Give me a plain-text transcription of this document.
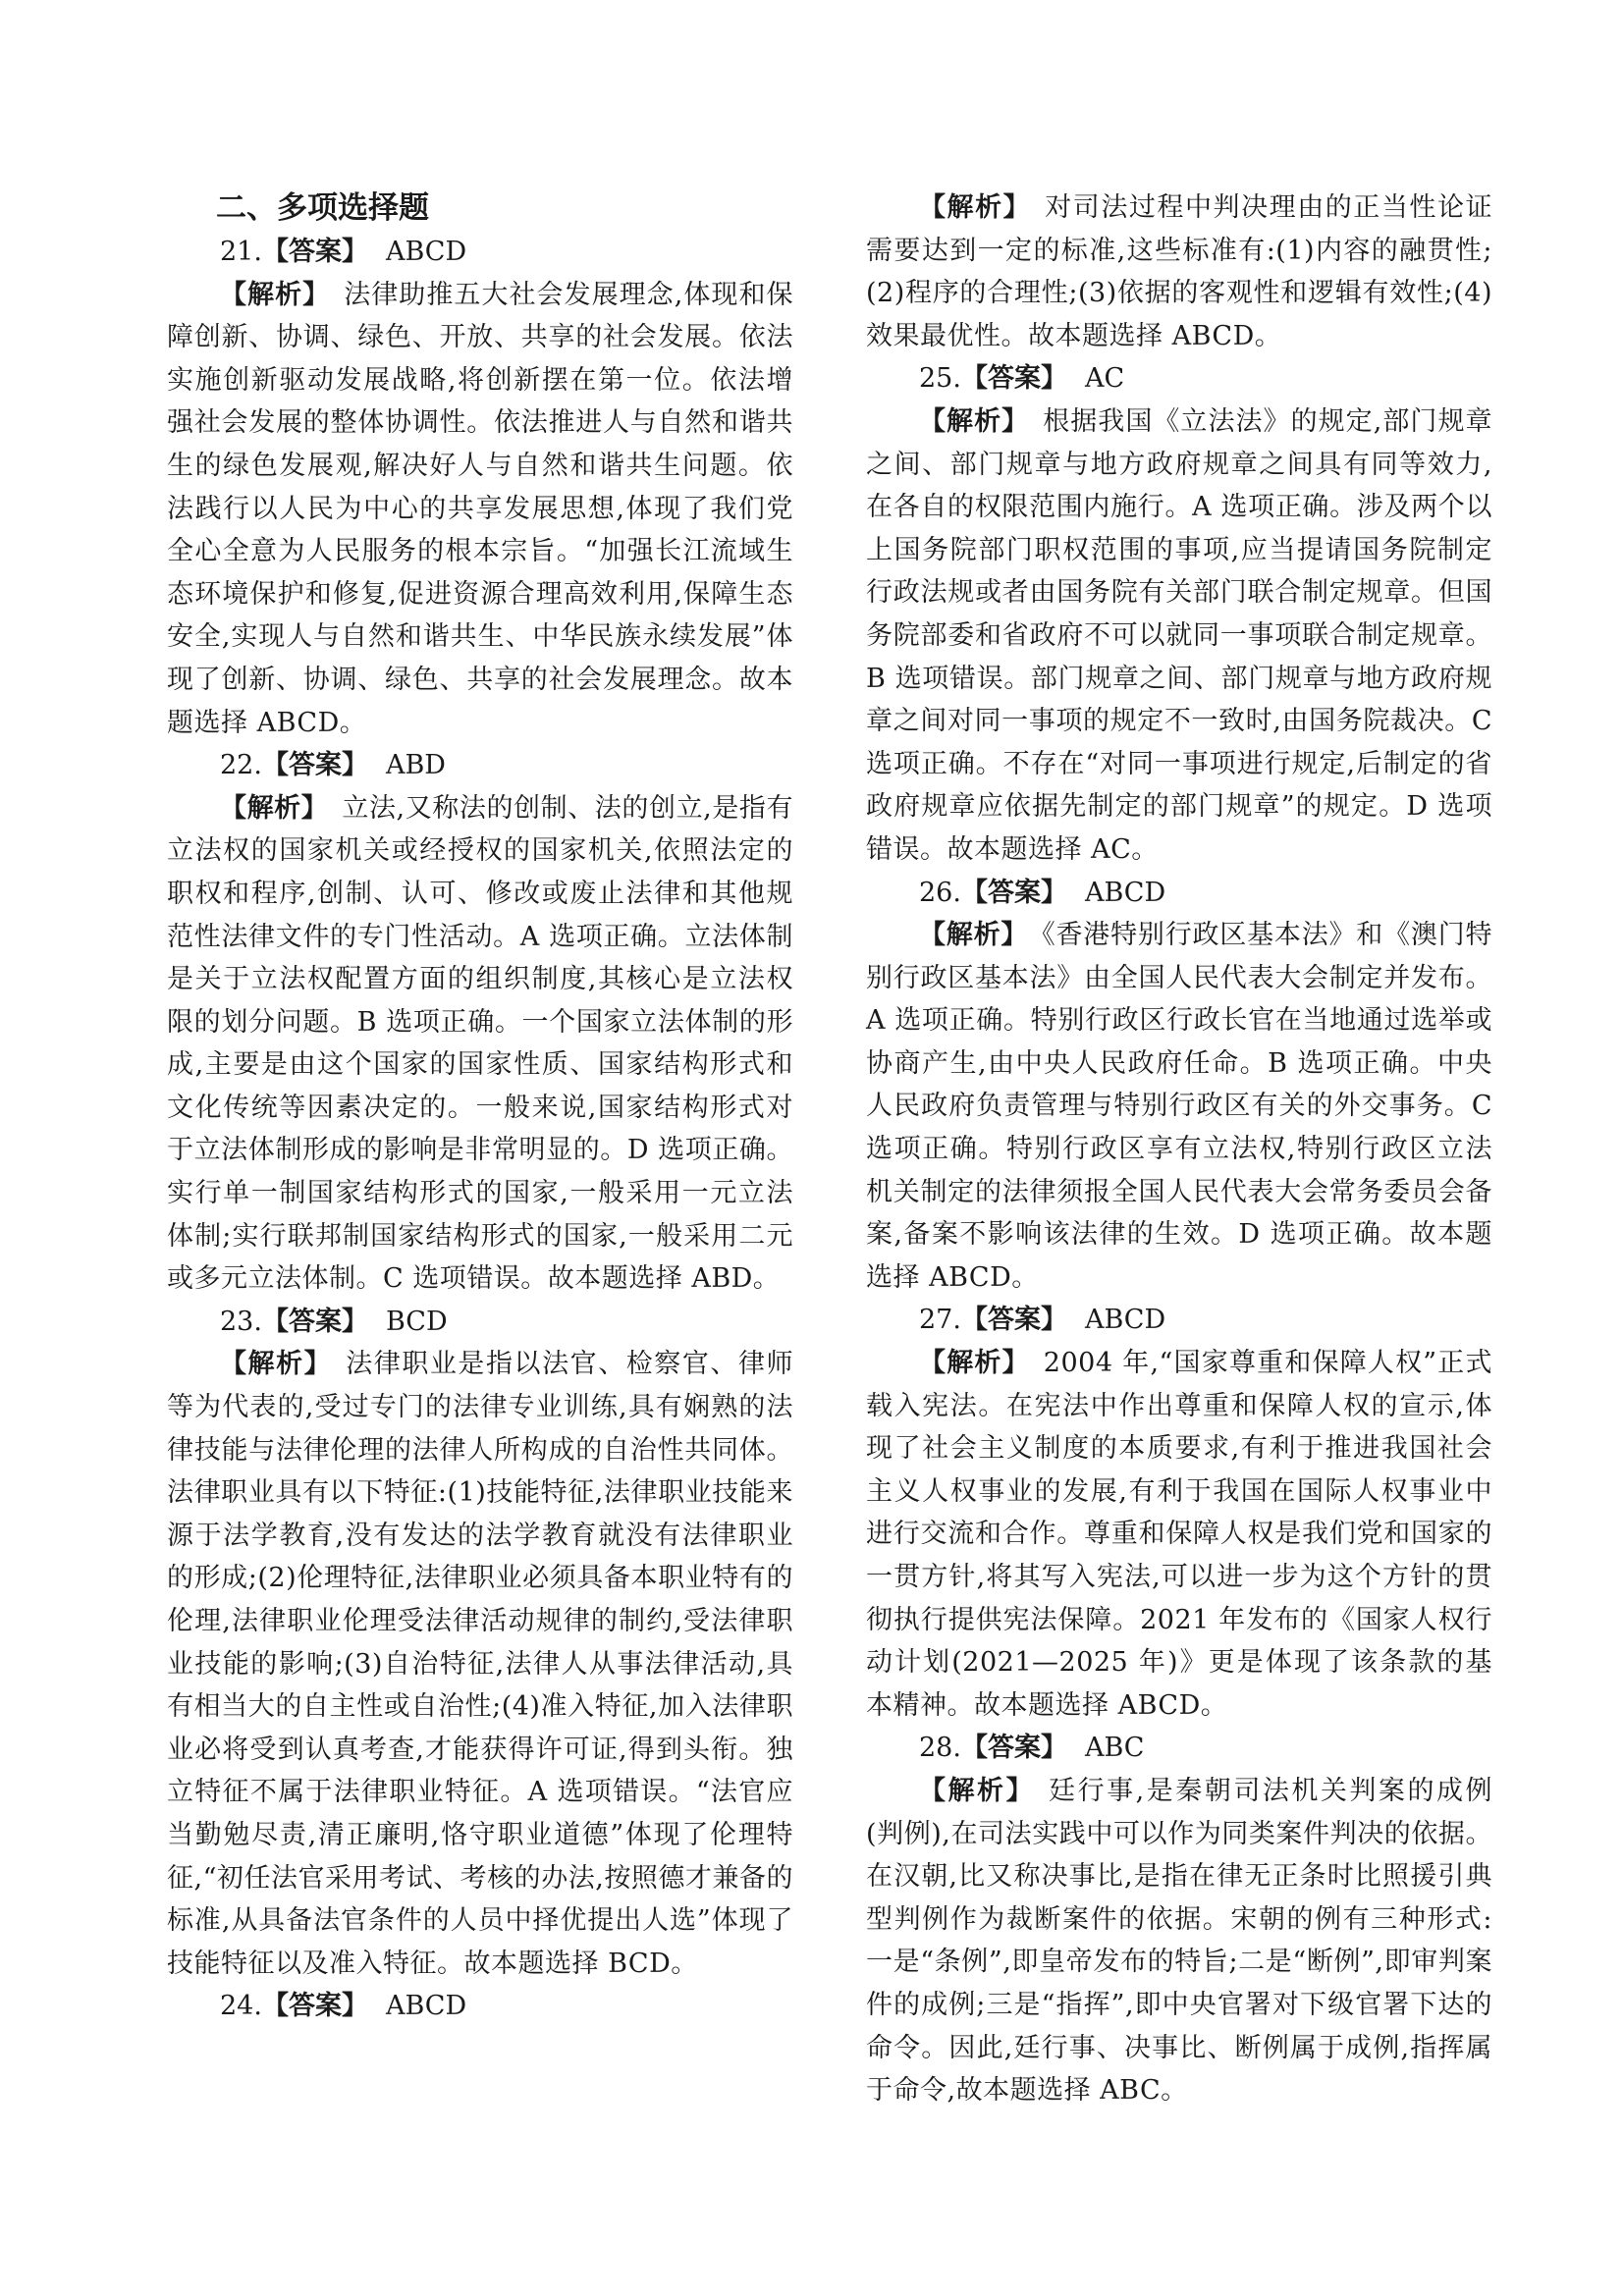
二、多项选择题
21.【答案】 ABCD

【解析】 法律助推五大社会发展理念,体现和保障创新、协调、绿色、开放、共享的社会发展。依法实施创新驱动发展战略,将创新摆在第一位。依法增强社会发展的整体协调性。依法推进人与自然和谐共生的绿色发展观,解决好人与自然和谐共生问题。依法践行以人民为中心的共享发展思想,体现了我们党全心全意为人民服务的根本宗旨。“加强长江流域生态环境保护和修复,促进资源合理高效利用,保障生态安全,实现人与自然和谐共生、中华民族永续发展”体现了创新、协调、绿色、共享的社会发展理念。故本题选择 ABCD。

22.【答案】 ABD

【解析】 立法,又称法的创制、法的创立,是指有立法权的国家机关或经授权的国家机关,依照法定的职权和程序,创制、认可、修改或废止法律和其他规范性法律文件的专门性活动。A 选项正确。立法体制是关于立法权配置方面的组织制度,其核心是立法权限的划分问题。B 选项正确。一个国家立法体制的形成,主要是由这个国家的国家性质、国家结构形式和文化传统等因素决定的。一般来说,国家结构形式对于立法体制形成的影响是非常明显的。D 选项正确。实行单一制国家结构形式的国家,一般采用一元立法体制;实行联邦制国家结构形式的国家,一般采用二元或多元立法体制。C 选项错误。故本题选择 ABD。

23.【答案】 BCD

【解析】 法律职业是指以法官、检察官、律师等为代表的,受过专门的法律专业训练,具有娴熟的法律技能与法律伦理的法律人所构成的自治性共同体。法律职业具有以下特征:(1)技能特征,法律职业技能来源于法学教育,没有发达的法学教育就没有法律职业的形成;(2)伦理特征,法律职业必须具备本职业特有的伦理,法律职业伦理受法律活动规律的制约,受法律职业技能的影响;(3)自治特征,法律人从事法律活动,具有相当大的自主性或自治性;(4)准入特征,加入法律职业必将受到认真考查,才能获得许可证,得到头衔。独立特征不属于法律职业特征。A 选项错误。“法官应当勤勉尽责,清正廉明,恪守职业道德”体现了伦理特征,“初任法官采用考试、考核的办法,按照德才兼备的标准,从具备法官条件的人员中择优提出人选”体现了技能特征以及准入特征。故本题选择 BCD。

24.【答案】 ABCD

【解析】 对司法过程中判决理由的正当性论证需要达到一定的标准,这些标准有:(1)内容的融贯性;(2)程序的合理性;(3)依据的客观性和逻辑有效性;(4)效果最优性。故本题选择 ABCD。

25.【答案】 AC

【解析】 根据我国《立法法》的规定,部门规章之间、部门规章与地方政府规章之间具有同等效力,在各自的权限范围内施行。A 选项正确。涉及两个以上国务院部门职权范围的事项,应当提请国务院制定行政法规或者由国务院有关部门联合制定规章。但国务院部委和省政府不可以就同一事项联合制定规章。B 选项错误。部门规章之间、部门规章与地方政府规章之间对同一事项的规定不一致时,由国务院裁决。C 选项正确。不存在“对同一事项进行规定,后制定的省政府规章应依据先制定的部门规章”的规定。D 选项错误。故本题选择 AC。

26.【答案】 ABCD

【解析】 《香港特别行政区基本法》和《澳门特别行政区基本法》由全国人民代表大会制定并发布。A 选项正确。特别行政区行政长官在当地通过选举或协商产生,由中央人民政府任命。B 选项正确。中央人民政府负责管理与特别行政区有关的外交事务。C 选项正确。特别行政区享有立法权,特别行政区立法机关制定的法律须报全国人民代表大会常务委员会备案,备案不影响该法律的生效。D 选项正确。故本题选择 ABCD。

27.【答案】 ABCD

【解析】 2004 年,“国家尊重和保障人权”正式载入宪法。在宪法中作出尊重和保障人权的宣示,体现了社会主义制度的本质要求,有利于推进我国社会主义人权事业的发展,有利于我国在国际人权事业中进行交流和合作。尊重和保障人权是我们党和国家的一贯方针,将其写入宪法,可以进一步为这个方针的贯彻执行提供宪法保障。2021 年发布的《国家人权行动计划(2021—2025 年)》更是体现了该条款的基本精神。故本题选择 ABCD。

28.【答案】 ABC

【解析】 廷行事,是秦朝司法机关判案的成例(判例),在司法实践中可以作为同类案件判决的依据。在汉朝,比又称决事比,是指在律无正条时比照援引典型判例作为裁断案件的依据。宋朝的例有三种形式:一是“条例”,即皇帝发布的特旨;二是“断例”,即审判案件的成例;三是“指挥”,即中央官署对下级官署下达的命令。因此,廷行事、决事比、断例属于成例,指挥属于命令,故本题选择 ABC。
